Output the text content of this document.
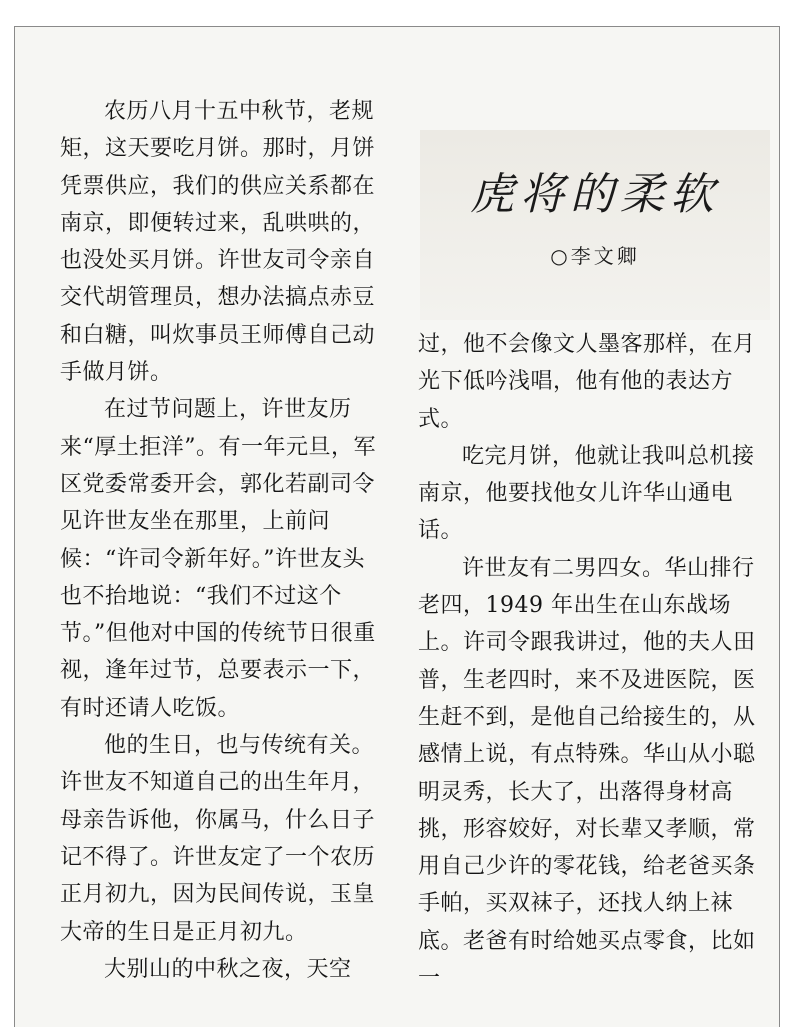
农历八月十五中秋节，老规矩，这天要吃月饼。那时，月饼凭票供应，我们的供应关系都在南京，即便转过来，乱哄哄的，也没处买月饼。许世友司令亲自交代胡管理员，想办法搞点赤豆和白糖，叫炊事员王师傅自己动手做月饼。

在过节问题上，许世友历来“厚土拒洋”。有一年元旦，军区党委常委开会，郭化若副司令见许世友坐在那里，上前问候：“许司令新年好。”许世友头也不抬地说：“我们不过这个节。”但他对中国的传统节日很重视，逢年过节，总要表示一下，有时还请人吃饭。

他的生日，也与传统有关。许世友不知道自己的出生年月，母亲告诉他，你属马，什么日子记不得了。许世友定了一个农历正月初九，因为民间传说，玉皇大帝的生日是正月初九。

大别山的中秋之夜，天空

虎将的柔软
○李文卿

过，他不会像文人墨客那样，在月光下低吟浅唱，他有他的表达方式。

吃完月饼，他就让我叫总机接南京，他要找他女儿许华山通电话。

许世友有二男四女。华山排行老四，1949 年出生在山东战场上。许司令跟我讲过，他的夫人田普，生老四时，来不及进医院，医生赶不到，是他自己给接生的，从感情上说，有点特殊。华山从小聪明灵秀，长大了，出落得身材高挑，形容姣好，对长辈又孝顺，常用自己少许的零花钱，给老爸买条手帕，买双袜子，还找人纳上袜底。老爸有时给她买点零食，比如一
